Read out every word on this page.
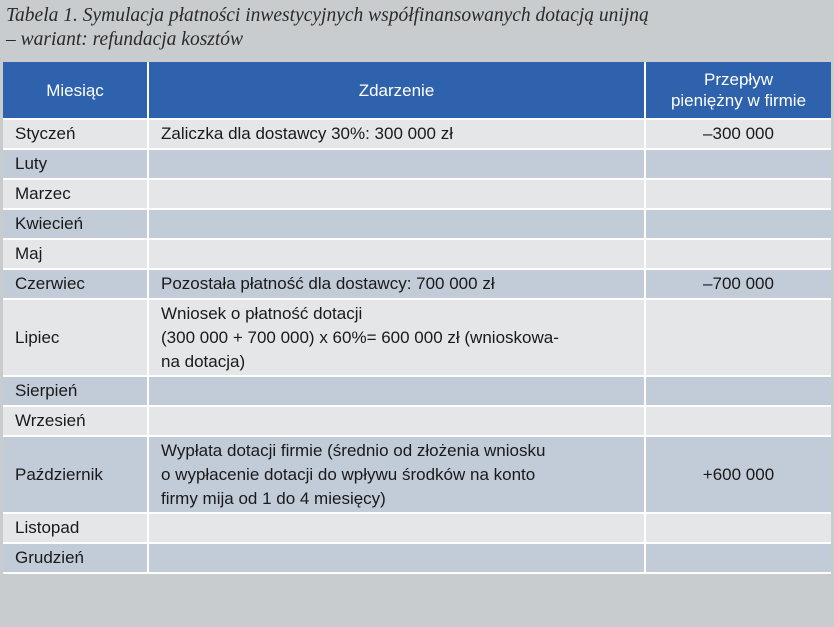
Tabela 1. Symulacja płatności inwestycyjnych współfinansowanych dotacją unijną
– wariant: refundacja kosztów
Miesiąc	Zdarzenie	Przepływ
pieniężny w firmie

Styczeń	Zaliczka dla dostawcy 30%: 300 000 zł	–300 000
Luty		
Marzec		
Kwiecień		
Maj		
Czerwiec	Pozostała płatność dla dostawcy: 700 000 zł	–700 000
Lipiec	Wniosek o płatność dotacji
(300 000 + 700 000) x 60%= 600 000 zł (wnioskowa-
na dotacja)	

Sierpień		
Wrzesień		
Październik	Wypłata dotacji firmie (średnio od złożenia wniosku
o wypłacenie dotacji do wpływu środków na konto
firmy mija od 1 do 4 miesięcy)	+600 000
Listopad		
Grudzień		
